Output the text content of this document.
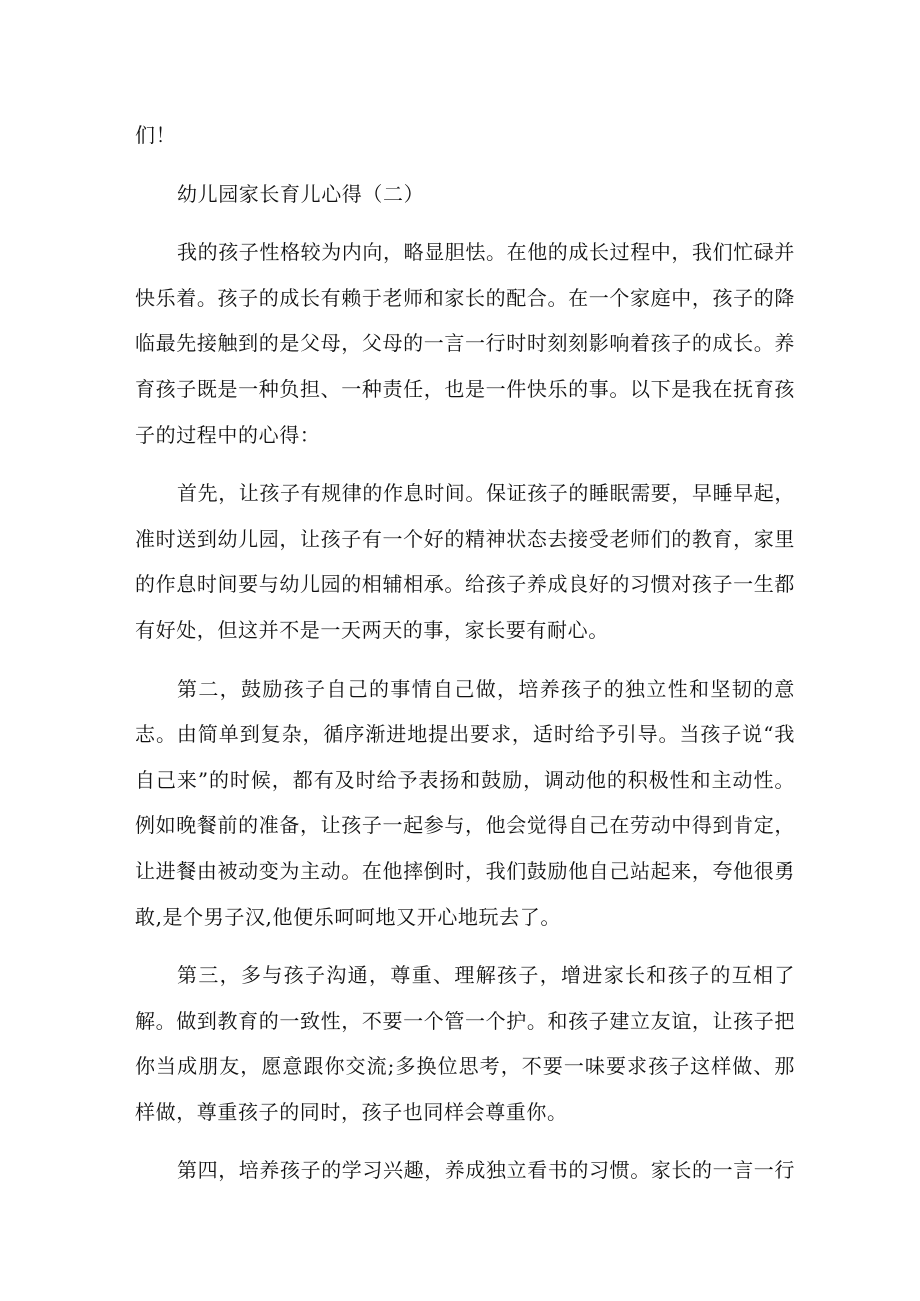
们！

幼儿园家长育儿心得（二）

我的孩子性格较为内向，略显胆怯。在他的成长过程中，我们忙碌并快乐着。孩子的成长有赖于老师和家长的配合。在一个家庭中，孩子的降临最先接触到的是父母，父母的一言一行时时刻刻影响着孩子的成长。养育孩子既是一种负担、一种责任，也是一件快乐的事。以下是我在抚育孩子的过程中的心得：

首先，让孩子有规律的作息时间。保证孩子的睡眠需要，早睡早起，准时送到幼儿园，让孩子有一个好的精神状态去接受老师们的教育，家里的作息时间要与幼儿园的相辅相承。给孩子养成良好的习惯对孩子一生都有好处，但这并不是一天两天的事，家长要有耐心。

第二，鼓励孩子自己的事情自己做，培养孩子的独立性和坚韧的意志。由简单到复杂，循序渐进地提出要求，适时给予引导。当孩子说“我自己来”的时候，都有及时给予表扬和鼓励，调动他的积极性和主动性。例如晚餐前的准备，让孩子一起参与，他会觉得自己在劳动中得到肯定，让进餐由被动变为主动。在他摔倒时，我们鼓励他自己站起来，夸他很勇敢,是个男子汉,他便乐呵呵地又开心地玩去了。

第三，多与孩子沟通，尊重、理解孩子，增进家长和孩子的互相了解。做到教育的一致性，不要一个管一个护。和孩子建立友谊，让孩子把你当成朋友，愿意跟你交流;多换位思考，不要一味要求孩子这样做、那样做，尊重孩子的同时，孩子也同样会尊重你。

第四，培养孩子的学习兴趣，养成独立看书的习惯。家长的一言一行
